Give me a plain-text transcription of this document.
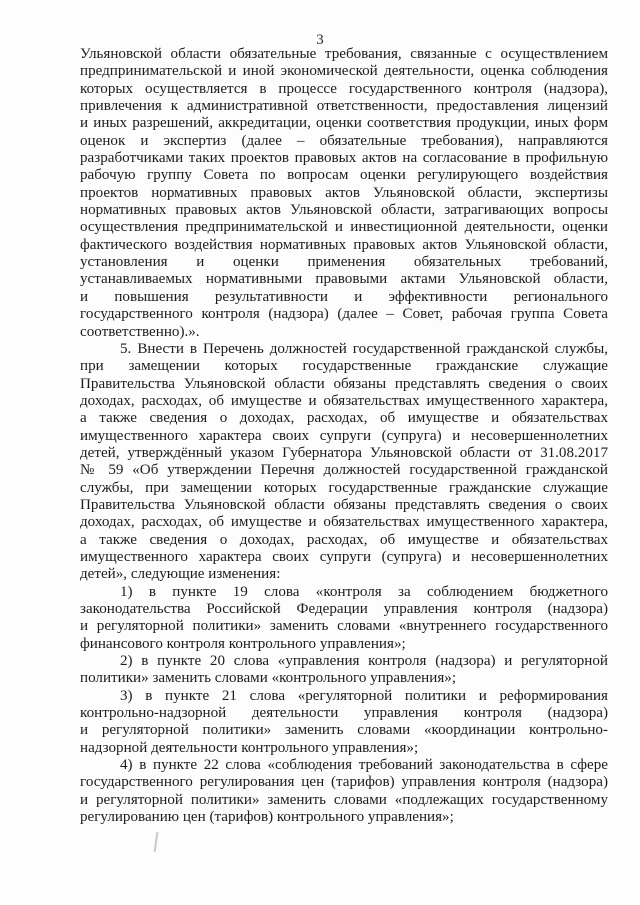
3

Ульяновской области обязательные требования, связанные с осуществлением

предпринимательской и иной экономической деятельности, оценка соблюдения

которых осуществляется в процессе государственного контроля (надзора),

привлечения к административной ответственности, предоставления лицензий

и иных разрешений, аккредитации, оценки соответствия продукции, иных форм

оценок и экспертиз (далее – обязательные требования), направляются

разработчиками таких проектов правовых актов на согласование в профильную

рабочую группу Совета по вопросам оценки регулирующего воздействия

проектов нормативных правовых актов Ульяновской области, экспертизы

нормативных правовых актов Ульяновской области, затрагивающих вопросы

осуществления предпринимательской и инвестиционной деятельности, оценки

фактического воздействия нормативных правовых актов Ульяновской области,

установления и оценки применения обязательных требований,

устанавливаемых нормативными правовыми актами Ульяновской области,

и повышения результативности и эффективности регионального

государственного контроля (надзора) (далее – Совет, рабочая группа Совета

соответственно).».

5. Внести в Перечень должностей государственной гражданской службы,

при замещении которых государственные гражданские служащие

Правительства Ульяновской области обязаны представлять сведения о своих

доходах, расходах, об имуществе и обязательствах имущественного характера,

а также сведения о доходах, расходах, об имуществе и обязательствах

имущественного характера своих супруги (супруга) и несовершеннолетних

детей, утверждённый указом Губернатора Ульяновской области от 31.08.2017

№ 59 «Об утверждении Перечня должностей государственной гражданской

службы, при замещении которых государственные гражданские служащие

Правительства Ульяновской области обязаны представлять сведения о своих

доходах, расходах, об имуществе и обязательствах имущественного характера,

а также сведения о доходах, расходах, об имуществе и обязательствах

имущественного характера своих супруги (супруга) и несовершеннолетних

детей», следующие изменения:

1) в пункте 19 слова «контроля за соблюдением бюджетного

законодательства Российской Федерации управления контроля (надзора)

и регуляторной политики» заменить словами «внутреннего государственного

финансового контроля контрольного управления»;

2) в пункте 20 слова «управления контроля (надзора) и регуляторной

политики» заменить словами «контрольного управления»;

3) в пункте 21 слова «регуляторной политики и реформирования

контрольно-надзорной деятельности управления контроля (надзора)

и регуляторной политики» заменить словами «координации контрольно-

надзорной деятельности контрольного управления»;

4) в пункте 22 слова «соблюдения требований законодательства в сфере

государственного регулирования цен (тарифов) управления контроля (надзора)

и регуляторной политики» заменить словами «подлежащих государственному

регулированию цен (тарифов) контрольного управления»;
